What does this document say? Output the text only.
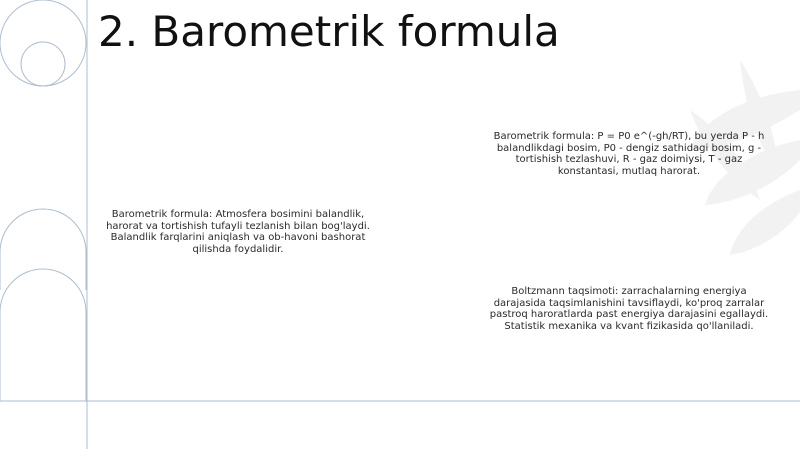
2. Barometrik formula

Barometrik formula: Atmosfera bosimini balandlik, harorat va tortishish tufayli tezlanish bilan bog'laydi. Balandlik farqlarini aniqlash va ob-havoni bashorat qilishda foydalidir.

Barometrik formula: P = P0 e^(-gh/RT), bu yerda P - h balandlikdagi bosim, P0 - dengiz sathidagi bosim, g - tortishish tezlashuvi, R - gaz doimiysi, T - gaz konstantasi, mutlaq harorat.

Boltzmann taqsimoti: zarrachalarning energiya darajasida taqsimlanishini tavsiflaydi, ko'proq zarralar pastroq haroratlarda past energiya darajasini egallaydi. Statistik mexanika va kvant fizikasida qo'llaniladi.
